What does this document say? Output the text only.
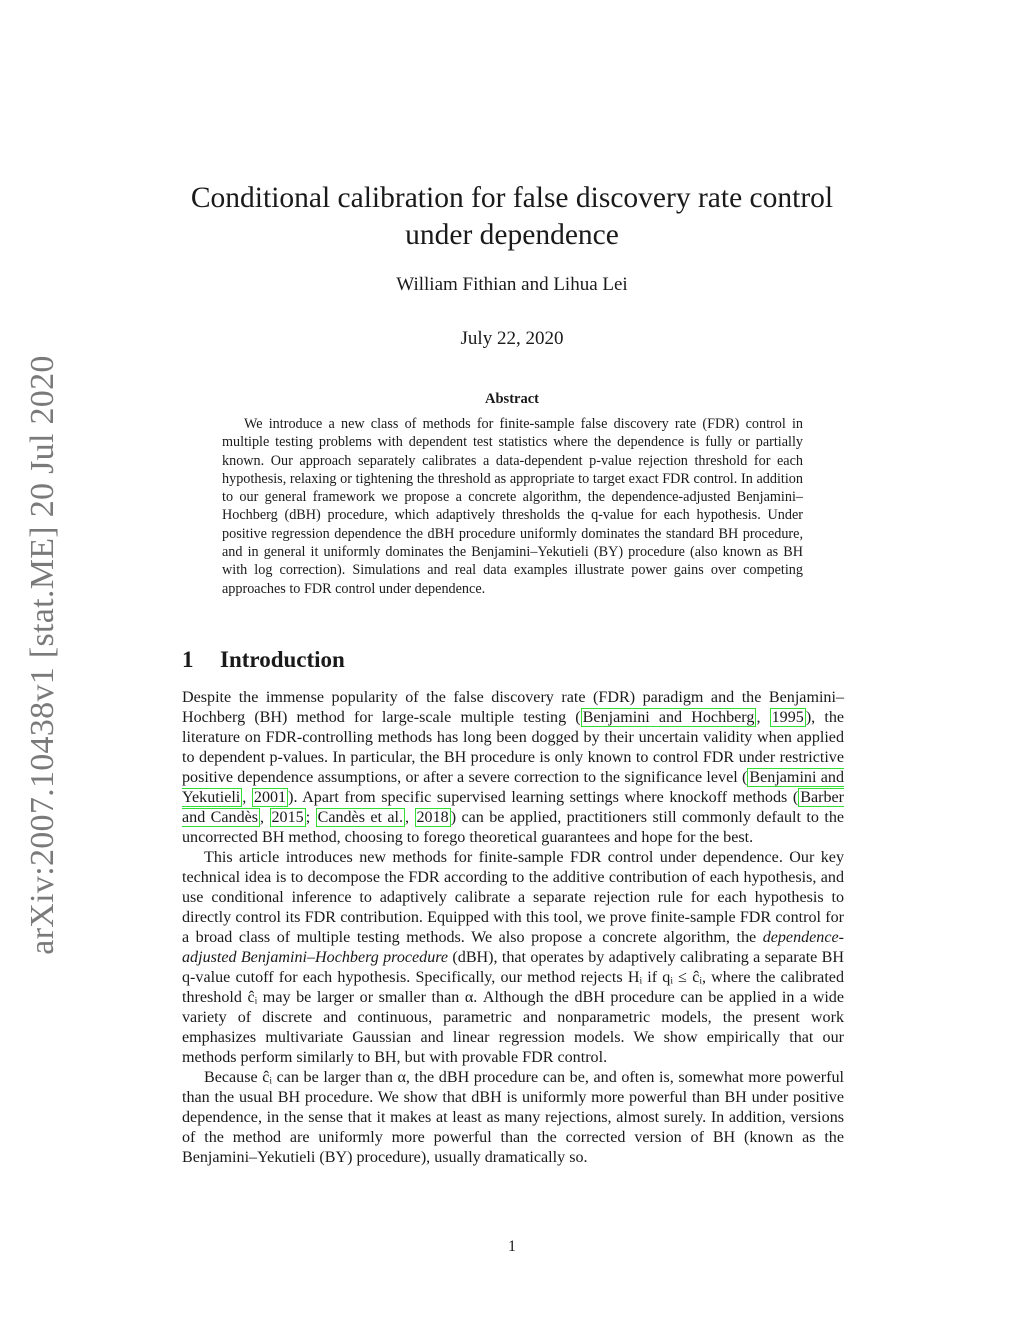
arXiv:2007.10438v1 [stat.ME] 20 Jul 2020
Conditional calibration for false discovery rate control
under dependence
William Fithian and Lihua Lei
July 22, 2020
Abstract
We introduce a new class of methods for finite-sample false discovery rate (FDR) control in multiple testing problems with dependent test statistics where the dependence is fully or partially known. Our approach separately calibrates a data-dependent p-value rejection threshold for each hypothesis, relaxing or tightening the threshold as appropriate to target exact FDR control. In addition to our general framework we propose a concrete algorithm, the dependence-adjusted Benjamini–Hochberg (dBH) procedure, which adaptively thresholds the q-value for each hypothesis. Under positive regression dependence the dBH procedure uniformly dominates the standard BH procedure, and in general it uniformly dominates the Benjamini–Yekutieli (BY) procedure (also known as BH with log correction). Simulations and real data examples illustrate power gains over competing approaches to FDR control under dependence.
1 Introduction

Despite the immense popularity of the false discovery rate (FDR) paradigm and the Benjamini–Hochberg (BH) method for large-scale multiple testing ( Benjamini and Hochberg , 1995 ), the literature on FDR-controlling methods has long been dogged by their uncertain validity when applied to dependent p-values. In particular, the BH procedure is only known to control FDR under restrictive positive dependence assumptions, or after a severe correction to the significance level ( Benjamini and Yekutieli , 2001 ). Apart from specific supervised learning settings where knockoff methods ( Barber and Candès , 2015 ; Candès et al. , 2018 ) can be applied, practitioners still commonly default to the uncorrected BH method, choosing to forego theoretical guarantees and hope for the best.

This article introduces new methods for finite-sample FDR control under dependence. Our key technical idea is to decompose the FDR according to the additive contribution of each hypothesis, and use conditional inference to adaptively calibrate a separate rejection rule for each hypothesis to directly control its FDR contribution. Equipped with this tool, we prove finite-sample FDR control for a broad class of multiple testing methods. We also propose a concrete algorithm, the dependence-adjusted Benjamini–Hochberg procedure (dBH), that operates by adaptively calibrating a separate BH q-value cutoff for each hypothesis. Specifically, our method rejects Hᵢ if qᵢ ≤ ĉᵢ, where the calibrated threshold ĉᵢ may be larger or smaller than α. Although the dBH procedure can be applied in a wide variety of discrete and continuous, parametric and nonparametric models, the present work emphasizes multivariate Gaussian and linear regression models. We show empirically that our methods perform similarly to BH, but with provable FDR control.

Because ĉᵢ can be larger than α, the dBH procedure can be, and often is, somewhat more powerful than the usual BH procedure. We show that dBH is uniformly more powerful than BH under positive dependence, in the sense that it makes at least as many rejections, almost surely. In addition, versions of the method are uniformly more powerful than the corrected version of BH (known as the Benjamini–Yekutieli (BY) procedure), usually dramatically so.

1
